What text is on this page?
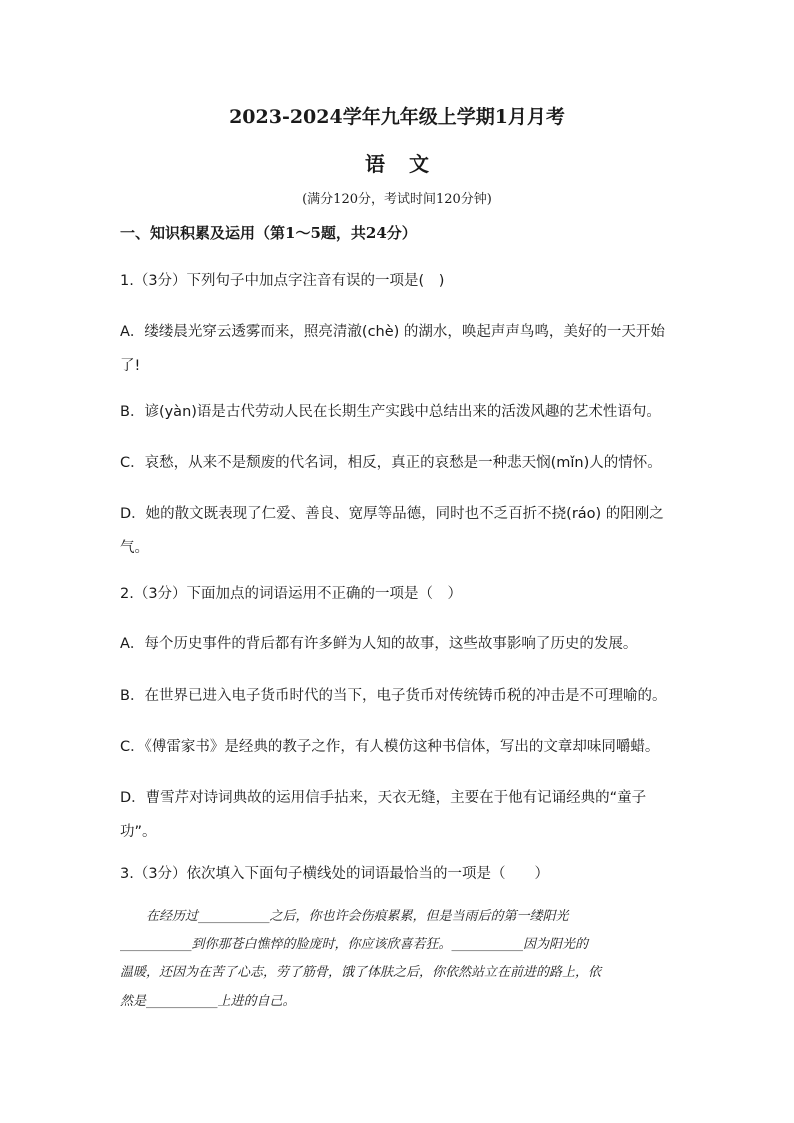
2023-2024学年九年级上学期1月月考
语文
(满分120分，考试时间120分钟)
一、知识积累及运用（第1～5题，共24分）
1.（3分）下列句子中加点字注音有误的一项是(　)
A．缕缕晨光穿云透雾而来，照亮清澈(chè) 的湖水，唤起声声鸟鸣，美好的一天开始
了!
B．谚(yàn)语是古代劳动人民在长期生产实践中总结出来的活泼风趣的艺术性语句。
C．哀愁，从来不是颓废的代名词，相反，真正的哀愁是一种悲天悯(mǐn)人的情怀。
D．她的散文既表现了仁爱、善良、宽厚等品德，同时也不乏百折不挠(ráo) 的阳刚之
气。
2.（3分）下面加点的词语运用不正确的一项是（　）
A．每个历史事件的背后都有许多鲜为人知的故事，这些故事影响了历史的发展。
B．在世界已进入电子货币时代的当下，电子货币对传统铸币税的冲击是不可理喻的。
C．《傅雷家书》是经典的教子之作，有人模仿这种书信体，写出的文章却味同嚼蜡。
D．曹雪芹对诗词典故的运用信手拈来，天衣无缝，主要在于他有记诵经典的“童子
功”。
3.（3分）依次填入下面句子横线处的词语最恰当的一项是（　　）
　　在经历过___________之后，你也许会伤痕累累，但是当雨后的第一缕阳光
___________到你那苍白憔悴的脸庞时，你应该欣喜若狂。___________因为阳光的
温暖，还因为在苦了心志，劳了筋骨，饿了体肤之后，你依然站立在前进的路上，依
然是___________上进的自己。
